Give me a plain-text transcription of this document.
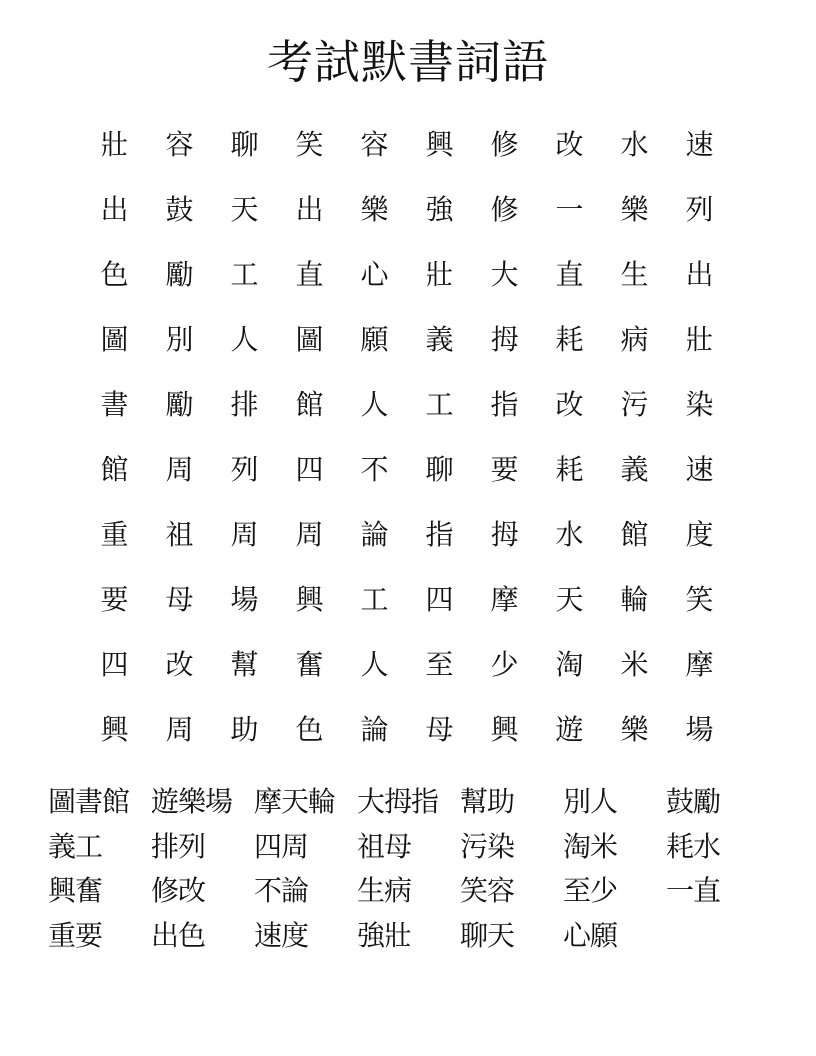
考試默書詞語
壯	容	聊	笑	容	興	修	改	水	速
出	鼓	天	出	樂	強	修	一	樂	列
色	勵	工	直	心	壯	大	直	生	出
圖	別	人	圖	願	義	拇	耗	病	壯
書	勵	排	館	人	工	指	改	污	染
館	周	列	四	不	聊	要	耗	義	速
重	祖	周	周	論	指	拇	水	館	度
要	母	場	興	工	四	摩	天	輪	笑
四	改	幫	奮	人	至	少	淘	米	摩
興	周	助	色	論	母	興	遊	樂	場
圖書館 遊樂場 摩天輪 大拇指 幫助	別人	鼓勵
義工	排列	四周	祖母	污染	淘米	耗水
興奮	修改	不論	生病	笑容	至少	一直
重要	出色	速度	強壯	聊天	心願
